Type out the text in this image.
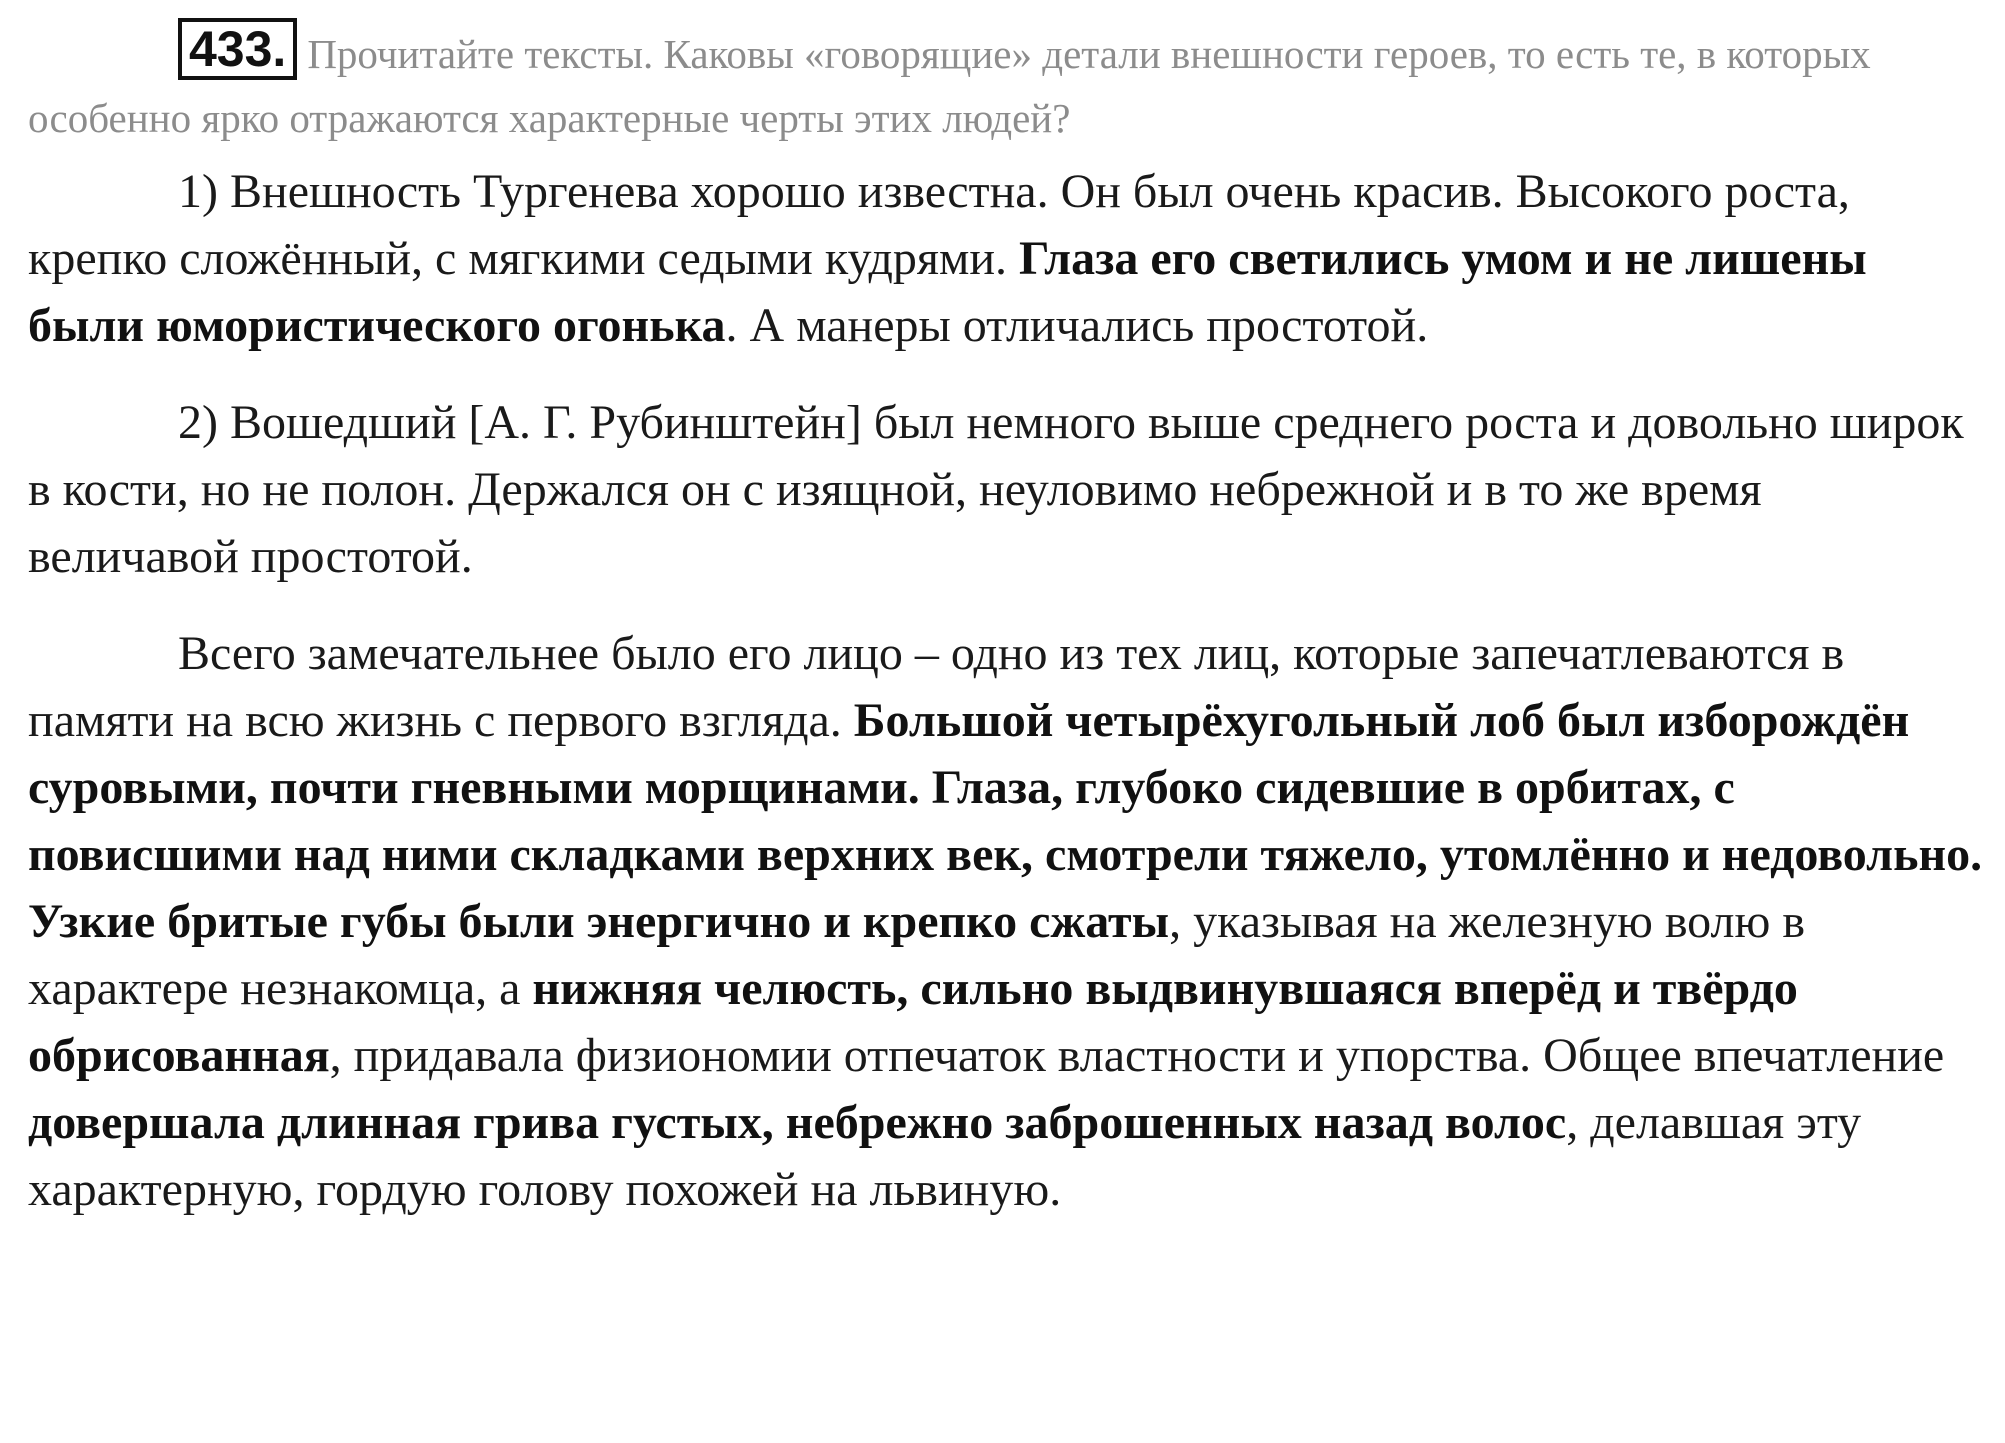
433. Прочитайте тексты. Каковы «говорящие» детали внешности героев, то есть те, в которых особенно ярко отражаются характерные черты этих людей?

1) Внешность Тургенева хорошо известна. Он был очень красив. Высокого роста, крепко сложённый, с мягкими седыми кудрями. Глаза его светились умом и не лишены были юмористического огонька. А манеры отличались простотой.

2) Вошедший [А. Г. Рубинштейн] был немного выше среднего роста и довольно широк в кости, но не полон. Держался он с изящной, неуловимо небрежной и в то же время величавой простотой.

Всего замечательнее было его лицо – одно из тех лиц, которые запечатлеваются в памяти на всю жизнь с первого взгляда. Большой четырёхугольный лоб был изборождён суровыми, почти гневными морщинами. Глаза, глубоко сидевшие в орбитах, с повисшими над ними складками верхних век, смотрели тяжело, утомлённо и недовольно. Узкие бритые губы были энергично и крепко сжаты, указывая на железную волю в характере незнакомца, а нижняя челюсть, сильно выдвинувшаяся вперёд и твёрдо обрисованная, придавала физиономии отпечаток властности и упорства. Общее впечатление довершала длинная грива густых, небрежно заброшенных назад волос, делавшая эту характерную, гордую голову похожей на львиную.
